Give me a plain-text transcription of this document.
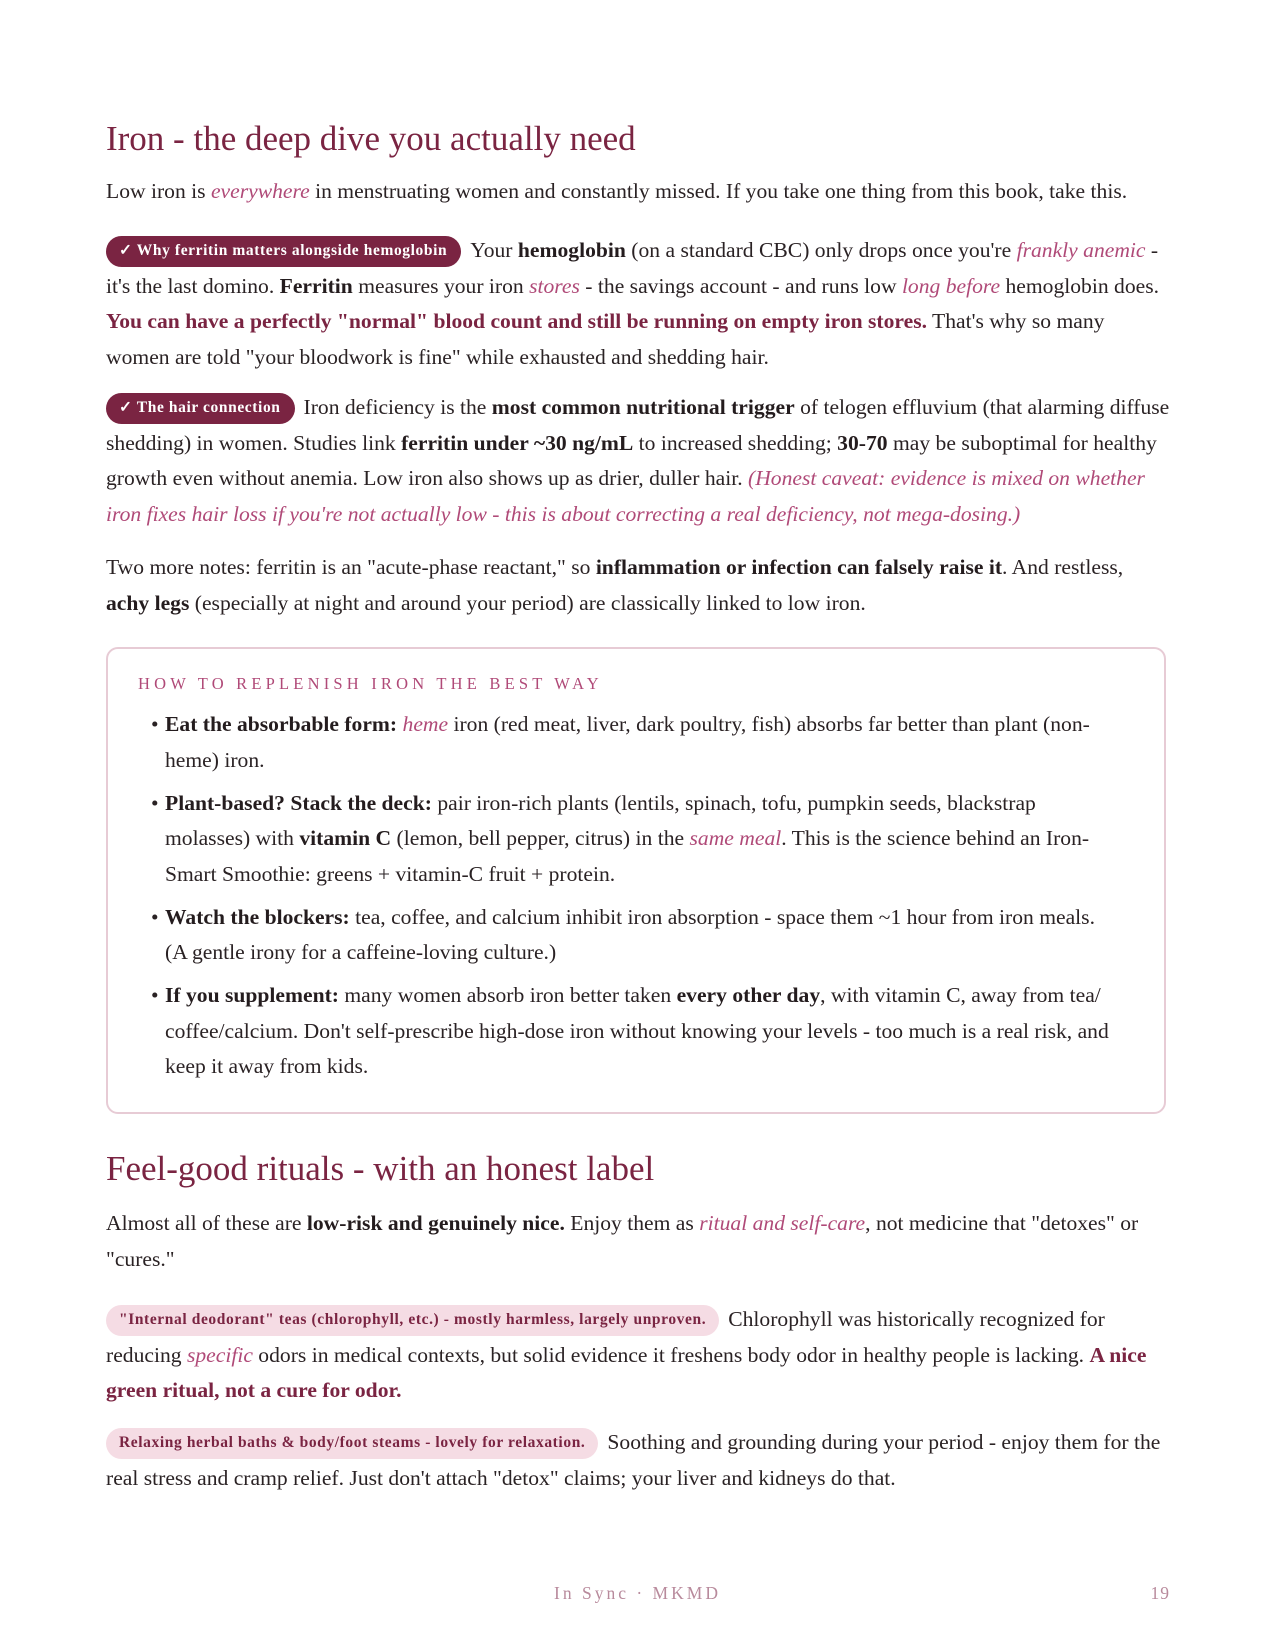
Iron - the deep dive you actually need

Low iron is everywhere in menstruating women and constantly missed. If you take one thing from this book, take this.

✓ Why ferritin matters alongside hemoglobin Your hemoglobin (on a standard CBC) only drops once you're frankly anemic - it's the last domino. Ferritin measures your iron stores - the savings account - and runs low long before hemoglobin does. You can have a perfectly "normal" blood count and still be running on empty iron stores. That's why so many women are told "your bloodwork is fine" while exhausted and shedding hair.

✓ The hair connection Iron deficiency is the most common nutritional trigger of telogen effluvium (that alarming diffuse shedding) in women. Studies link ferritin under ~30 ng/mL to increased shedding; 30-70 may be suboptimal for healthy growth even without anemia. Low iron also shows up as drier, duller hair. (Honest caveat: evidence is mixed on whether iron fixes hair loss if you're not actually low - this is about correcting a real deficiency, not mega-dosing.)

Two more notes: ferritin is an "acute-phase reactant," so inflammation or infection can falsely raise it. And restless, achy legs (especially at night and around your period) are classically linked to low iron.

HOW TO REPLENISH IRON THE BEST WAY
• Eat the absorbable form: heme iron (red meat, liver, dark poultry, fish) absorbs far better than plant (non-heme) iron.
• Plant-based? Stack the deck: pair iron-rich plants (lentils, spinach, tofu, pumpkin seeds, blackstrap molasses) with vitamin C (lemon, bell pepper, citrus) in the same meal. This is the science behind an Iron-Smart Smoothie: greens + vitamin-C fruit + protein.
• Watch the blockers: tea, coffee, and calcium inhibit iron absorption - space them ~1 hour from iron meals. (A gentle irony for a caffeine-loving culture.)
• If you supplement: many women absorb iron better taken every other day, with vitamin C, away from tea/ coffee/calcium. Don't self-prescribe high-dose iron without knowing your levels - too much is a real risk, and keep it away from kids.
Feel-good rituals - with an honest label

Almost all of these are low-risk and genuinely nice. Enjoy them as ritual and self-care, not medicine that "detoxes" or "cures."

"Internal deodorant" teas (chlorophyll, etc.) - mostly harmless, largely unproven. Chlorophyll was historically recognized for reducing specific odors in medical contexts, but solid evidence it freshens body odor in healthy people is lacking. A nice green ritual, not a cure for odor.

Relaxing herbal baths & body/foot steams - lovely for relaxation. Soothing and grounding during your period - enjoy them for the real stress and cramp relief. Just don't attach "detox" claims; your liver and kidneys do that.

In Sync · MKMD	19
